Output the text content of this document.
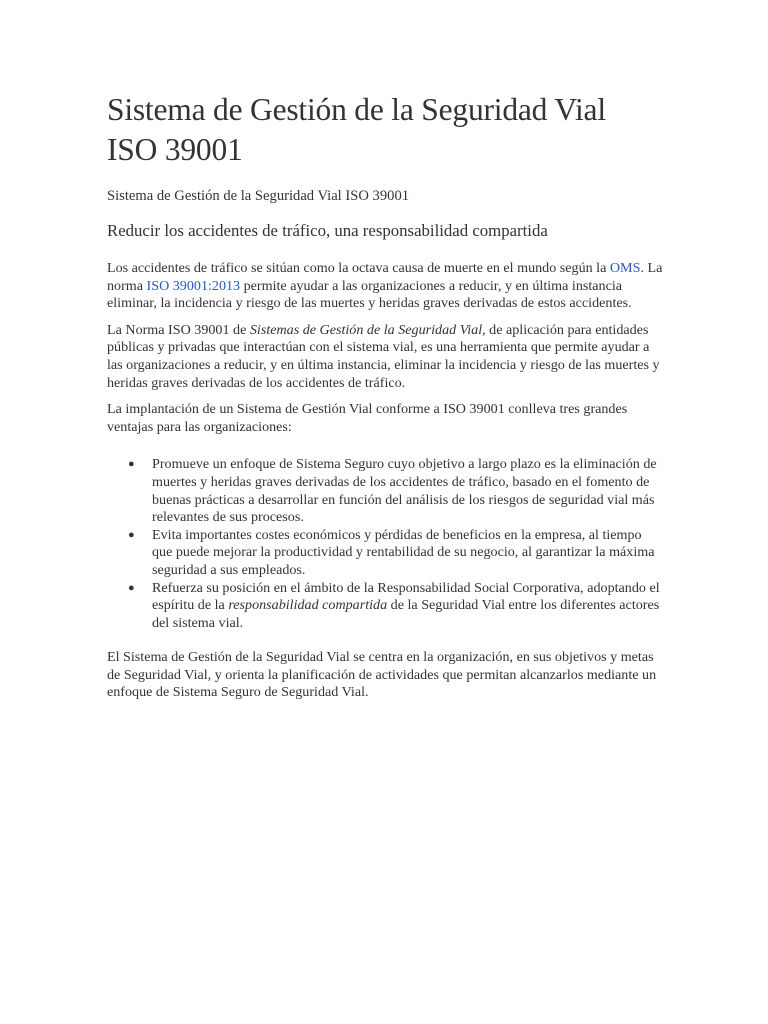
Sistema de Gestión de la Seguridad Vial ISO 39001
Sistema de Gestión de la Seguridad Vial ISO 39001
Reducir los accidentes de tráfico, una responsabilidad compartida

Los accidentes de tráfico se sitúan como la octava causa de muerte en el mundo según la OMS. La norma ISO 39001:2013 permite ayudar a las organizaciones a reducir, y en última instancia eliminar, la incidencia y riesgo de las muertes y heridas graves derivadas de estos accidentes.

La Norma ISO 39001 de Sistemas de Gestión de la Seguridad Vial, de aplicación para entidades públicas y privadas que interactúan con el sistema vial, es una herramienta que permite ayudar a las organizaciones a reducir, y en última instancia, eliminar la incidencia y riesgo de las muertes y heridas graves derivadas de los accidentes de tráfico.

La implantación de un Sistema de Gestión Vial conforme a ISO 39001 conlleva tres grandes ventajas para las organizaciones:

● Promueve un enfoque de Sistema Seguro cuyo objetivo a largo plazo es la eliminación de muertes y heridas graves derivadas de los accidentes de tráfico, basado en el fomento de buenas prácticas a desarrollar en función del análisis de los riesgos de seguridad vial más relevantes de sus procesos.
● Evita importantes costes económicos y pérdidas de beneficios en la empresa, al tiempo que puede mejorar la productividad y rentabilidad de su negocio, al garantizar la máxima seguridad a sus empleados.
● Refuerza su posición en el ámbito de la Responsabilidad Social Corporativa, adoptando el espíritu de la responsabilidad compartida de la Seguridad Vial entre los diferentes actores del sistema vial.

El Sistema de Gestión de la Seguridad Vial se centra en la organización, en sus objetivos y metas de Seguridad Vial, y orienta la planificación de actividades que permitan alcanzarlos mediante un enfoque de Sistema Seguro de Seguridad Vial.
